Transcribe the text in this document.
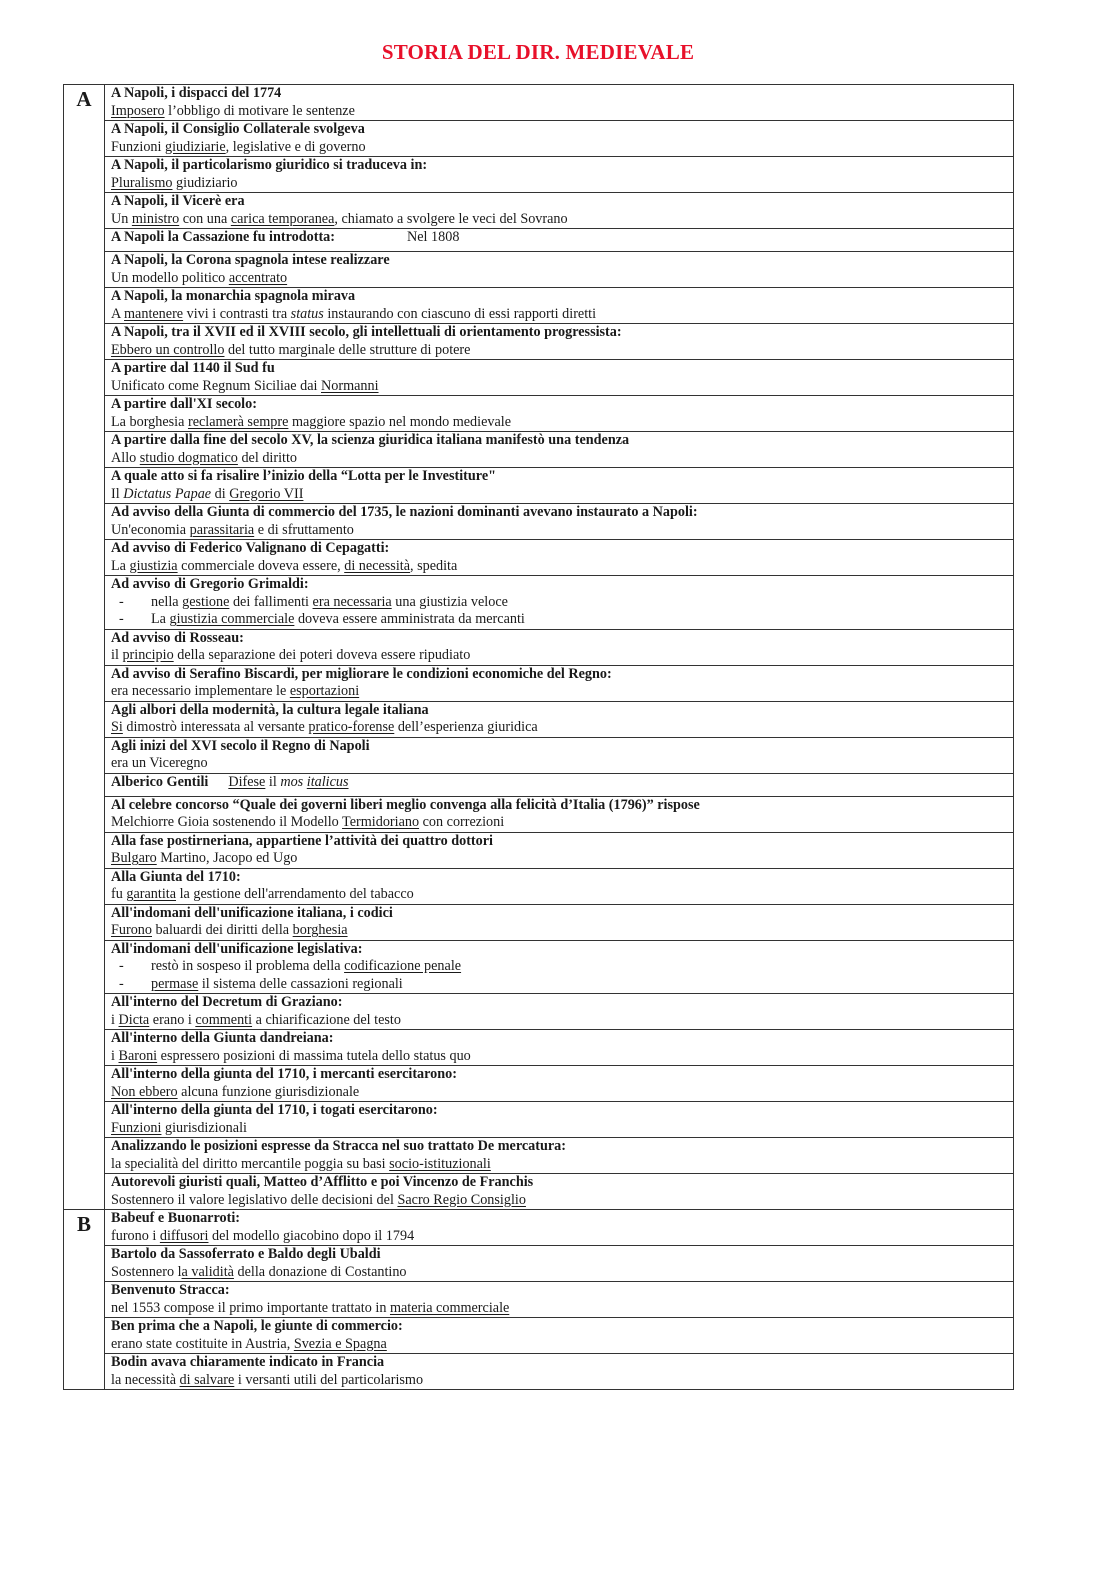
STORIA DEL DIR. MEDIEVALE
A	A Napoli, i dispacci del 1774
Imposero l’obbligo di motivare le sentenze

	A Napoli, il Consiglio Collaterale svolgeva
Funzioni giudiziarie, legislative e di governo

	A Napoli, il particolarismo giuridico si traduceva in:
Pluralismo giudiziario

	A Napoli, il Vicerè era
Un ministro con una carica temporanea, chiamato a svolgere le veci del Sovrano

	A Napoli la Cassazione fu introdotta: Nel 1808

	A Napoli, la Corona spagnola intese realizzare
Un modello politico accentrato

	A Napoli, la monarchia spagnola mirava
A mantenere vivi i contrasti tra status instaurando con ciascuno di essi rapporti diretti

	A Napoli, tra il XVII ed il XVIII secolo, gli intellettuali di orientamento progressista:
Ebbero un controllo del tutto marginale delle strutture di potere

	A partire dal 1140 il Sud fu
Unificato come Regnum Siciliae dai Normanni

	A partire dall'XI secolo:
La borghesia reclamerà sempre maggiore spazio nel mondo medievale

	A partire dalla fine del secolo XV, la scienza giuridica italiana manifestò una tendenza
Allo studio dogmatico del diritto

	A quale atto si fa risalire l’inizio della “Lotta per le Investiture"
Il Dictatus Papae di Gregorio VII

	Ad avviso della Giunta di commercio del 1735, le nazioni dominanti avevano instaurato a Napoli:
Un'economia parassitaria e di sfruttamento

	Ad avviso di Federico Valignano di Cepagatti:
La giustizia commerciale doveva essere, di necessità, spedita

	Ad avviso di Gregorio Grimaldi:
- nella gestione dei fallimenti era necessaria una giustizia veloce
- La giustizia commerciale doveva essere amministrata da mercanti

	Ad avviso di Rosseau:
il principio della separazione dei poteri doveva essere ripudiato

	Ad avviso di Serafino Biscardi, per migliorare le condizioni economiche del Regno:
era necessario implementare le esportazioni

	Agli albori della modernità, la cultura legale italiana
Si dimostrò interessata al versante pratico-forense dell’esperienza giuridica

	Agli inizi del XVI secolo il Regno di Napoli
era un Viceregno

	Alberico Gentili Difese il mos italicus

	Al celebre concorso “Quale dei governi liberi meglio convenga alla felicità d’Italia (1796)” rispose
Melchiorre Gioia sostenendo il Modello Termidoriano con correzioni

	Alla fase postirneriana, appartiene l’attività dei quattro dottori
Bulgaro Martino, Jacopo ed Ugo

	Alla Giunta del 1710:
fu garantita la gestione dell'arrendamento del tabacco

	All'indomani dell'unificazione italiana, i codici
Furono baluardi dei diritti della borghesia

	All'indomani dell'unificazione legislativa:
- restò in sospeso il problema della codificazione penale
- permase il sistema delle cassazioni regionali

	All'interno del Decretum di Graziano:
i Dicta erano i commenti a chiarificazione del testo

	All'interno della Giunta dandreiana:
i Baroni espressero posizioni di massima tutela dello status quo

	All'interno della giunta del 1710, i mercanti esercitarono:
Non ebbero alcuna funzione giurisdizionale

	All'interno della giunta del 1710, i togati esercitarono:
Funzioni giurisdizionali

	Analizzando le posizioni espresse da Stracca nel suo trattato De mercatura:
la specialità del diritto mercantile poggia su basi socio-istituzionali

	Autorevoli giuristi quali, Matteo d’Afflitto e poi Vincenzo de Franchis
Sostennero il valore legislativo delle decisioni del Sacro Regio Consiglio

B	Babeuf e Buonarroti:
furono i diffusori del modello giacobino dopo il 1794

	Bartolo da Sassoferrato e Baldo degli Ubaldi
Sostennero la validità della donazione di Costantino

	Benvenuto Stracca:
nel 1553 compose il primo importante trattato in materia commerciale

	Ben prima che a Napoli, le giunte di commercio:
erano state costituite in Austria, Svezia e Spagna

	Bodin avava chiaramente indicato in Francia
la necessità di salvare i versanti utili del particolarismo
